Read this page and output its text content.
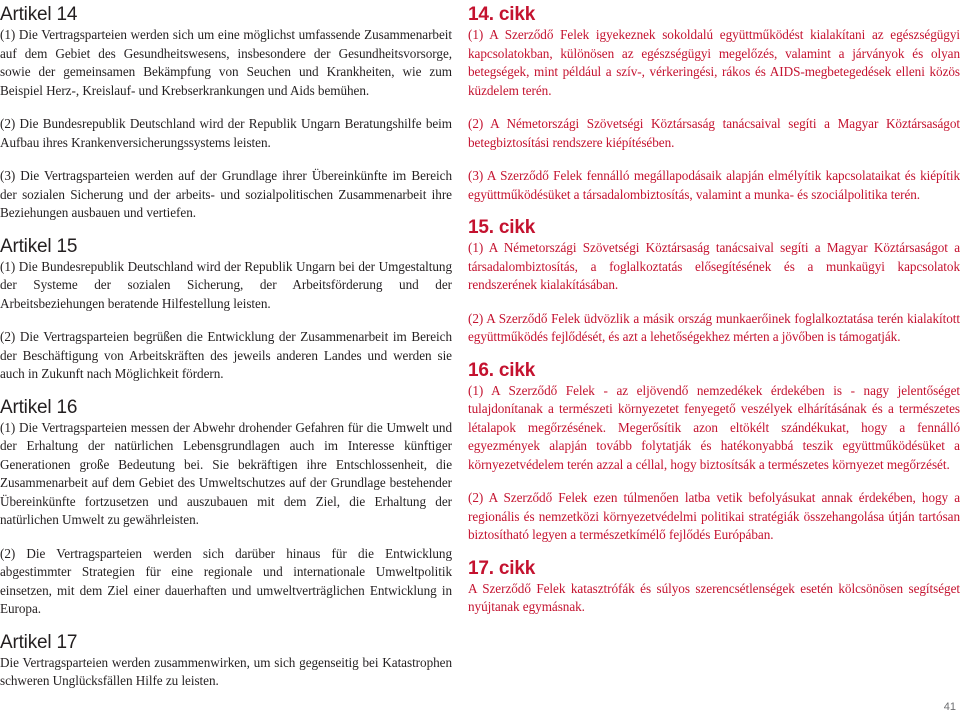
Artikel 14

(1) Die Vertragsparteien werden sich um eine möglichst umfassende Zusammenarbeit auf dem Gebiet des Gesundheitswesens, insbesondere der Gesundheitsvorsorge, sowie der gemeinsamen Bekämpfung von Seuchen und Krankheiten, wie zum Beispiel Herz-, Kreislauf- und Krebserkrankungen und Aids bemühen.

(2) Die Bundesrepublik Deutschland wird der Republik Ungarn Beratungshilfe beim Aufbau ihres Krankenversicherungssystems leisten.

(3) Die Vertragsparteien werden auf der Grundlage ihrer Übereinkünfte im Bereich der sozialen Sicherung und der arbeits- und sozialpolitischen Zusammenarbeit ihre Beziehungen ausbauen und vertiefen.

Artikel 15

(1) Die Bundesrepublik Deutschland wird der Republik Ungarn bei der Umgestaltung der Systeme der sozialen Sicherung, der Arbeitsförderung und der Arbeitsbeziehungen beratende Hilfestellung leisten.

(2) Die Vertragsparteien begrüßen die Entwicklung der Zusammenarbeit im Bereich der Beschäftigung von Arbeitskräften des jeweils anderen Landes und werden sie auch in Zukunft nach Möglichkeit fördern.

Artikel 16

(1) Die Vertragsparteien messen der Abwehr drohender Gefahren für die Umwelt und der Erhaltung der natürlichen Lebensgrundlagen auch im Interesse künftiger Generationen große Bedeutung bei. Sie bekräftigen ihre Entschlossenheit, die Zusammenarbeit auf dem Gebiet des Umweltschutzes auf der Grundlage bestehender Übereinkünfte fortzusetzen und auszubauen mit dem Ziel, die Erhaltung der natürlichen Umwelt zu gewährleisten.

(2) Die Vertragsparteien werden sich darüber hinaus für die Entwicklung abgestimmter Strategien für eine regionale und internationale Umweltpolitik einsetzen, mit dem Ziel einer dauerhaften und umweltverträglichen Entwicklung in Europa.

Artikel 17

Die Vertragsparteien werden zusammenwirken, um sich gegenseitig bei Katastrophen schweren Unglücksfällen Hilfe zu leisten.

14. cikk

(1) A Szerződő Felek igyekeznek sokoldalú együttműködést kialakítani az egészségügyi kapcsolatokban, különösen az egészségügyi megelőzés, valamint a járványok és olyan betegségek, mint például a szív-, vérkeringési, rákos és AIDS-megbetegedések elleni közös küzdelem terén.

(2) A Németországi Szövetségi Köztársaság tanácsaival segíti a Magyar Köztársaságot betegbiztosítási rendszere kiépítésében.

(3) A Szerződő Felek fennálló megállapodásaik alapján elmélyítik kapcsolataikat és kiépítik együttműködésüket a társadalombiztosítás, valamint a munka- és szociálpolitika terén.

15. cikk

(1) A Németországi Szövetségi Köztársaság tanácsaival segíti a Magyar Köztársaságot a társadalombiztosítás, a foglalkoztatás elősegítésének és a munkaügyi kapcsolatok rendszerének kialakításában.

(2) A Szerződő Felek üdvözlik a másik ország munkaerőinek foglalkoztatása terén kialakított együttműködés fejlődését, és azt a lehetőségekhez mérten a jövőben is támogatják.

16. cikk

(1) A Szerződő Felek - az eljövendő nemzedékek érdekében is - nagy jelentőséget tulajdonítanak a természeti környezetet fenyegető veszélyek elhárításának és a természetes létalapok megőrzésének. Megerősítik azon eltökélt szándékukat, hogy a fennálló egyezmények alapján tovább folytatják és hatékonyabbá teszik együttműködésüket a környezetvédelem terén azzal a céllal, hogy biztosítsák a természetes környezet megőrzését.

(2) A Szerződő Felek ezen túlmenően latba vetik befolyásukat annak érdekében, hogy a regionális és nemzetközi környezetvédelmi politikai stratégiák összehangolása útján tartósan biztosítható legyen a természetkímélő fejlődés Európában.

17. cikk

A Szerződő Felek katasztrófák és súlyos szerencsétlenségek esetén kölcsönösen segítséget nyújtanak egymásnak.

41
